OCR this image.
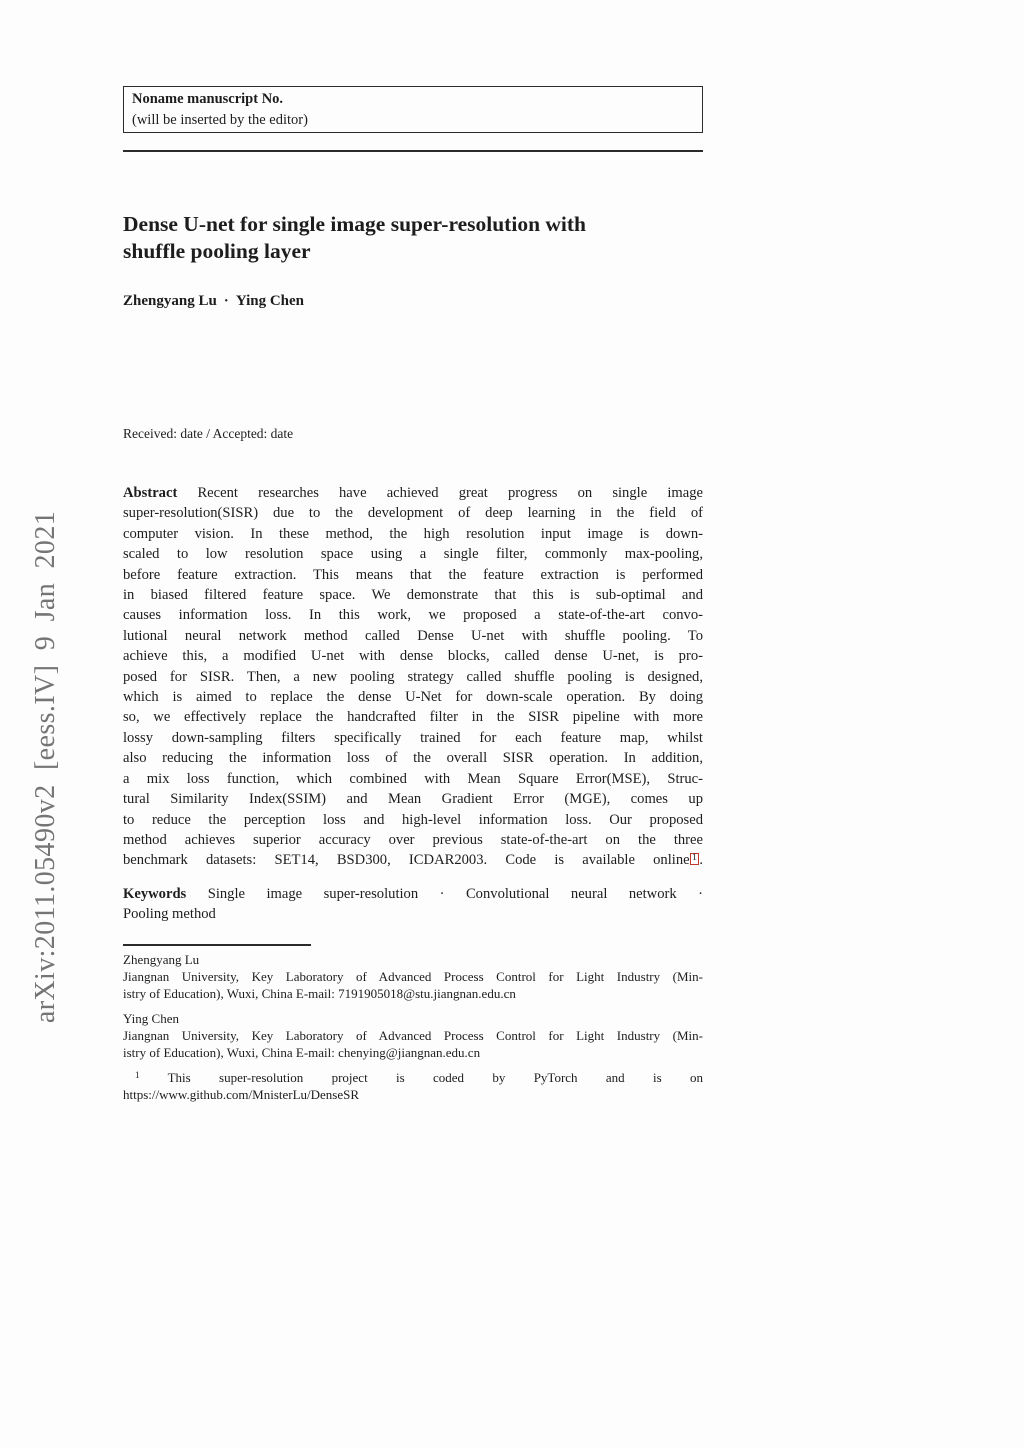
arXiv:2011.05490v2 [eess.IV] 9 Jan 2021
Noname manuscript No.
(will be inserted by the editor)
Dense U-net for single image super-resolution with
shuffle pooling layer
Zhengyang Lu · Ying Chen
Received: date / Accepted: date
Abstract Recent researches have achieved great progress on single image
super-resolution(SISR) due to the development of deep learning in the field of
computer vision. In these method, the high resolution input image is down-
scaled to low resolution space using a single filter, commonly max-pooling,
before feature extraction. This means that the feature extraction is performed
in biased filtered feature space. We demonstrate that this is sub-optimal and
causes information loss. In this work, we proposed a state-of-the-art convo-
lutional neural network method called Dense U-net with shuffle pooling. To
achieve this, a modified U-net with dense blocks, called dense U-net, is pro-
posed for SISR. Then, a new pooling strategy called shuffle pooling is designed,
which is aimed to replace the dense U-Net for down-scale operation. By doing
so, we effectively replace the handcrafted filter in the SISR pipeline with more
lossy down-sampling filters specifically trained for each feature map, whilst
also reducing the information loss of the overall SISR operation. In addition,
a mix loss function, which combined with Mean Square Error(MSE), Struc-
tural Similarity Index(SSIM) and Mean Gradient Error (MGE), comes up
to reduce the perception loss and high-level information loss. Our proposed
method achieves superior accuracy over previous state-of-the-art on the three
benchmark datasets: SET14, BSD300, ICDAR2003. Code is available online $^1$ .
Keywords Single image super-resolution · Convolutional neural network ·
Pooling method
Zhengyang Lu
Jiangnan University, Key Laboratory of Advanced Process Control for Light Industry (Min-
istry of Education), Wuxi, China E-mail: 7191905018@stu.jiangnan.edu.cn
Ying Chen
Jiangnan University, Key Laboratory of Advanced Process Control for Light Industry (Min-
istry of Education), Wuxi, China E-mail: chenying@jiangnan.edu.cn
$^1$ This super-resolution project is coded by PyTorch and is on
https://www.github.com/MnisterLu/DenseSR
